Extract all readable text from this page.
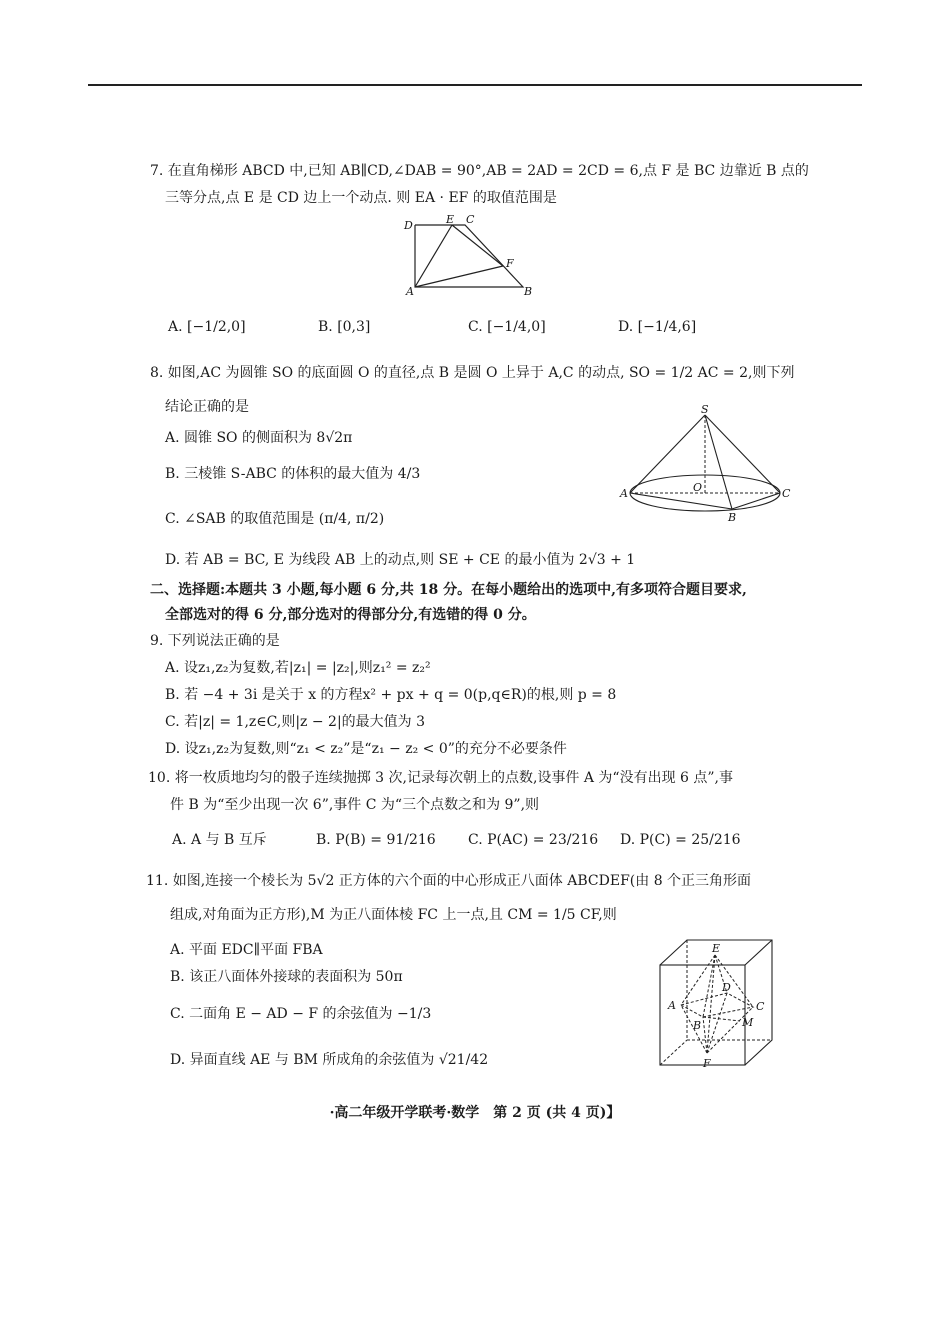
7. 在直角梯形 ABCD 中,已知 AB∥CD,∠DAB = 90°,AB = 2AD = 2CD = 6,点 F 是 BC 边靠近 B 点的
三等分点,点 E 是 CD 边上一个动点. 则 EA · EF 的取值范围是
D	E C
F
A	B
A. [−1/2,0]	B. [0,3]	C. [−1/4,0]	D. [−1/4,6]
8. 如图,AC 为圆锥 SO 的底面圆 O 的直径,点 B 是圆 O 上异于 A,C 的动点, SO = 1/2 AC = 2,则下列
结论正确的是
A. 圆锥 SO 的侧面积为 8√2π
B. 三棱锥 S-ABC 的体积的最大值为 4/3
C. ∠SAB 的取值范围是 (π/4, π/2)
D. 若 AB = BC, E 为线段 AB 上的动点,则 SE + CE 的最小值为 2√3 + 1
S
A	O	C
B
二、选择题:本题共 3 小题,每小题 6 分,共 18 分。在每小题给出的选项中,有多项符合题目要求,
全部选对的得 6 分,部分选对的得部分分,有选错的得 0 分。
9. 下列说法正确的是
A. 设z₁,z₂为复数,若|z₁| = |z₂|,则z₁² = z₂²
B. 若 −4 + 3i 是关于 x 的方程x² + px + q = 0(p,q∈R)的根,则 p = 8
C. 若|z| = 1,z∈C,则|z − 2|的最大值为 3
D. 设z₁,z₂为复数,则“z₁ < z₂”是“z₁ − z₂ < 0”的充分不必要条件
10. 将一枚质地均匀的骰子连续抛掷 3 次,记录每次朝上的点数,设事件 A 为“没有出现 6 点”,事
件 B 为“至少出现一次 6”,事件 C 为“三个点数之和为 9”,则
A. A 与 B 互斥	B. P(B) = 91/216 C. P(AC) = 23/216 D. P(C) = 25/216
11. 如图,连接一个棱长为 5√2 正方体的六个面的中心形成正八面体 ABCDEF(由 8 个正三角形面
组成,对角面为正方形),M 为正八面体棱 FC 上一点,且 CM = 1/5 CF,则
A. 平面 EDC∥平面 FBA
B. 该正八面体外接球的表面积为 50π
C. 二面角 E − AD − F 的余弦值为 −1/3
D. 异面直线 AE 与 BM 所成角的余弦值为 √21/42
E
D
A	C
B	M
F
·高二年级开学联考·数学　第 2 页 (共 4 页)】
